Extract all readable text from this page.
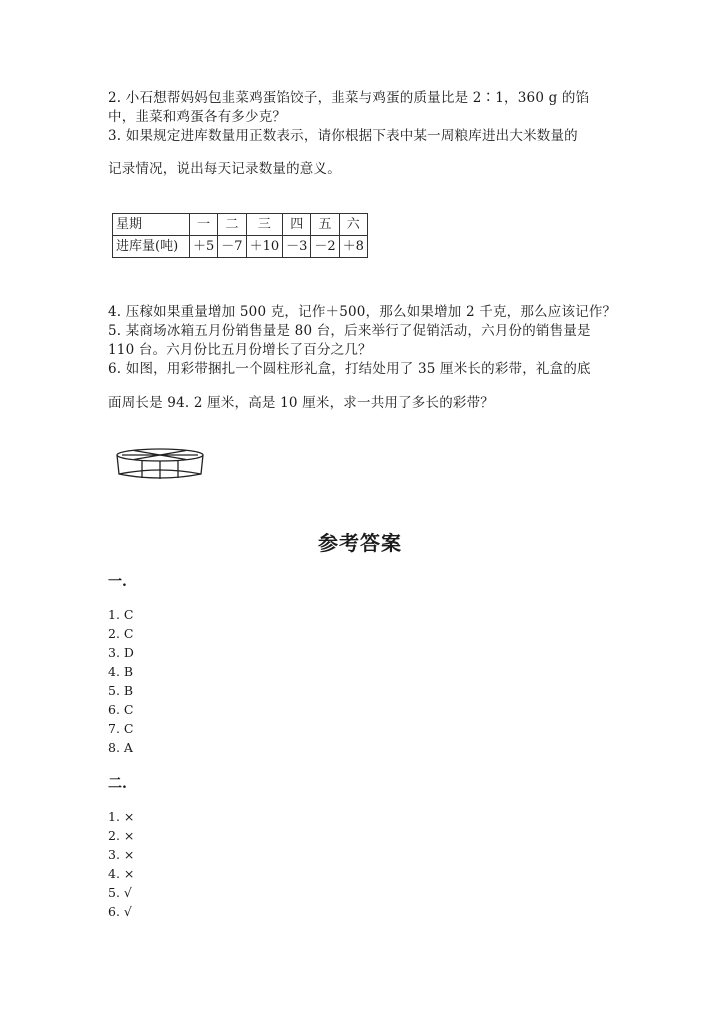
2. 小石想帮妈妈包韭菜鸡蛋馅饺子，韭菜与鸡蛋的质量比是 2∶1，360 g 的馅
中，韭菜和鸡蛋各有多少克？
3. 如果规定进库数量用正数表示，请你根据下表中某一周粮库进出大米数量的
记录情况，说出每天记录数量的意义。
星期	一	二	三	四	五	六
进库量(吨)	＋5	－7	＋10	－3	－2	＋8
4. 压稼如果重量增加 500 克，记作＋500，那么如果增加 2 千克，那么应该记作？
5. 某商场冰箱五月份销售量是 80 台，后来举行了促销活动，六月份的销售量是
110 台。六月份比五月份增长了百分之几？
6. 如图，用彩带捆扎一个圆柱形礼盒，打结处用了 35 厘米长的彩带，礼盒的底
面周长是 94. 2 厘米，高是 10 厘米，求一共用了多长的彩带？
参考答案
一.
1. C
2. C
3. D
4. B
5. B
6. C
7. C
8. A
二.
1. ×
2. ×
3. ×
4. ×
5. √
6. √
